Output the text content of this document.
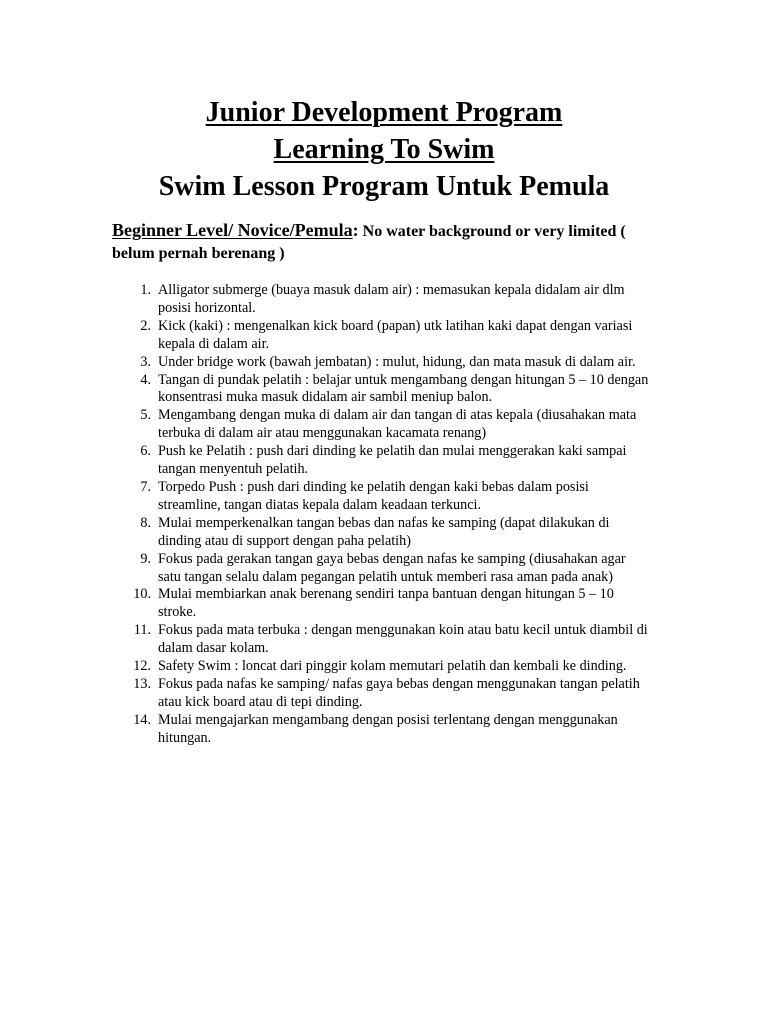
Junior Development Program
Learning To Swim
Swim Lesson Program Untuk Pemula
Beginner Level/ Novice/Pemula: No water background or very limited ( belum pernah berenang )
1. Alligator submerge (buaya masuk dalam air) : memasukan kepala didalam air dlm posisi horizontal.
2. Kick (kaki) : mengenalkan kick board (papan) utk latihan kaki dapat dengan variasi kepala di dalam air.
3. Under bridge work (bawah jembatan) : mulut, hidung, dan mata masuk di dalam air.
4. Tangan di pundak pelatih : belajar untuk mengambang dengan hitungan 5 – 10 dengan konsentrasi muka masuk didalam air sambil meniup balon.
5. Mengambang dengan muka di dalam air dan tangan di atas kepala (diusahakan mata terbuka di dalam air atau menggunakan kacamata renang)
6. Push ke Pelatih : push dari dinding ke pelatih dan mulai menggerakan kaki sampai tangan menyentuh pelatih.
7. Torpedo Push : push dari dinding ke pelatih dengan kaki bebas dalam posisi streamline, tangan diatas kepala dalam keadaan terkunci.
8. Mulai memperkenalkan tangan bebas dan nafas ke samping (dapat dilakukan di dinding atau di support dengan paha pelatih)
9. Fokus pada gerakan tangan gaya bebas dengan nafas ke samping (diusahakan agar satu tangan selalu dalam pegangan pelatih untuk memberi rasa aman pada anak)
10. Mulai membiarkan anak berenang sendiri tanpa bantuan dengan hitungan 5 – 10 stroke.
11. Fokus pada mata terbuka : dengan menggunakan koin atau batu kecil untuk diambil di dalam dasar kolam.
12. Safety Swim : loncat dari pinggir kolam memutari pelatih dan kembali ke dinding.
13. Fokus pada nafas ke samping/ nafas gaya bebas dengan menggunakan tangan pelatih atau kick board atau di tepi dinding.
14. Mulai mengajarkan mengambang dengan posisi terlentang dengan menggunakan hitungan.
